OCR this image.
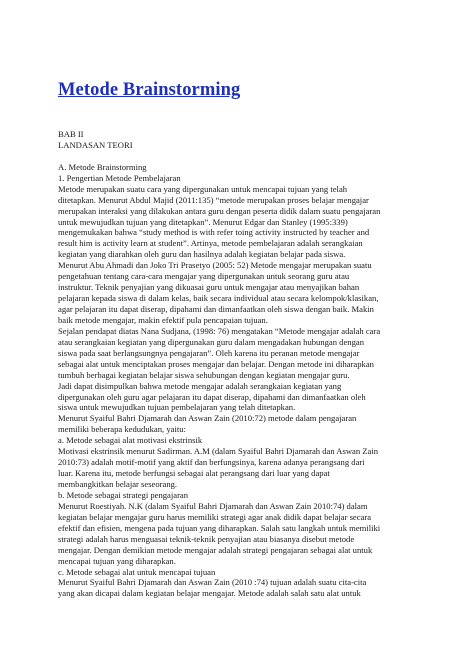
Metode Brainstorming
BAB II
LANDASAN TEORI
A. Metode Brainstorming
1. Pengertian Metode Pembelajaran
Metode merupakan suatu cara yang dipergunakan untuk mencapai tujuan yang telah
ditetapkan. Menurut Abdul Majid (2011:135) “metode merupakan proses belajar mengajar
merupakan interaksi yang dilakukan antara guru dengan peserta didik dalam suatu pengajaran
untuk mewujudkan tujuan yang ditetapkan”. Menurut Edgar dan Stanley (1995:339)
mengemukakan bahwa “study method is with refer toing activity instructed by teacher and
result him is activity learn at student”. Artinya, metode pembelajaran adalah serangkaian
kegiatan yang diarahkan oleh guru dan hasilnya adalah kegiatan belajar pada siswa.
Menurut Abu Ahmadi dan Joko Tri Prasetyo (2005: 52) Metode mengajar merupakan suatu
pengetahuan tentang cara-cara mengajar yang dipergunakan untuk seorang guru atau
instruktur. Teknik penyajian yang dikuasai guru untuk mengajar atau menyajikan bahan
pelajaran kepada siswa di dalam kelas, baik secara individual atau secara kelompok/klasikan,
agar pelajaran itu dapat diserap, dipahami dan dimanfaatkan oleh siswa dengan baik. Makin
baik metode mengajar, makin efektif pula pencapaian tujuan.
Sejalan pendapat diatas Nana Sudjana, (1998: 76) mengatakan “Metode mengajar adalah cara
atau serangkaian kegiatan yang dipergunakan guru dalam mengadakan hubungan dengan
siswa pada saat berlangsungnya pengajaran”. Oleh karena itu peranan metode mengajar
sebagai alat untuk menciptakan proses mengajar dan belajar. Dengan metode ini diharapkan
tumbuh berbagai kegiatan belajar siswa sehubungan dengan kegiatan mengajar guru.
Jadi dapat disimpulkan bahwa metode mengajar adalah serangkaian kegiatan yang
dipergunakan oleh guru agar pelajaran itu dapat diserap, dipahami dan dimanfaatkan oleh
siswa untuk mewujudkan tujuan pembelajaran yang telah ditetapkan.
Menurut Syaiful Bahri Djamarah dan Aswan Zain (2010:72) metode dalam pengajaran
memiliki beberapa kedudukan, yaitu:
a. Metode sebagai alat motivasi ekstrinsik
Motivasi ekstrinsik menurut Sadirman. A.M (dalam Syaiful Bahri Djamarah dan Aswan Zain
2010:73) adalah motif-motif yang aktif dan berfungsinya, karena adanya perangsang dari
luar. Karena itu, metode berfungsi sebagai alat perangsang dari luar yang dapat
membangkitkan belajar seseorang.
b. Metode sebagai strategi pengajaran
Menurut Roestiyah. N.K (dalam Syaiful Bahri Djamarah dan Aswan Zain 2010:74) dalam
kegiatan belajar mengajar guru harus memiliki strategi agar anak didik dapat belajar secara
efektif dan efisien, mengena pada tujuan yang diharapkan. Salah satu langkah untuk memiliki
strategi adalah harus menguasai teknik-teknik penyajian atau biasanya disebut metode
mengajar. Dengan demikian metode mengajar adalah strategi pengajaran sebagai alat untuk
mencapai tujuan yang diharapkan.
c. Metode sebagai alat untuk mencapai tujuan
Menurut Syaiful Bahri Djamarah dan Aswan Zain (2010 :74) tujuan adalah suatu cita-cita
yang akan dicapai dalam kegiatan belajar mengajar. Metode adalah salah satu alat untuk
